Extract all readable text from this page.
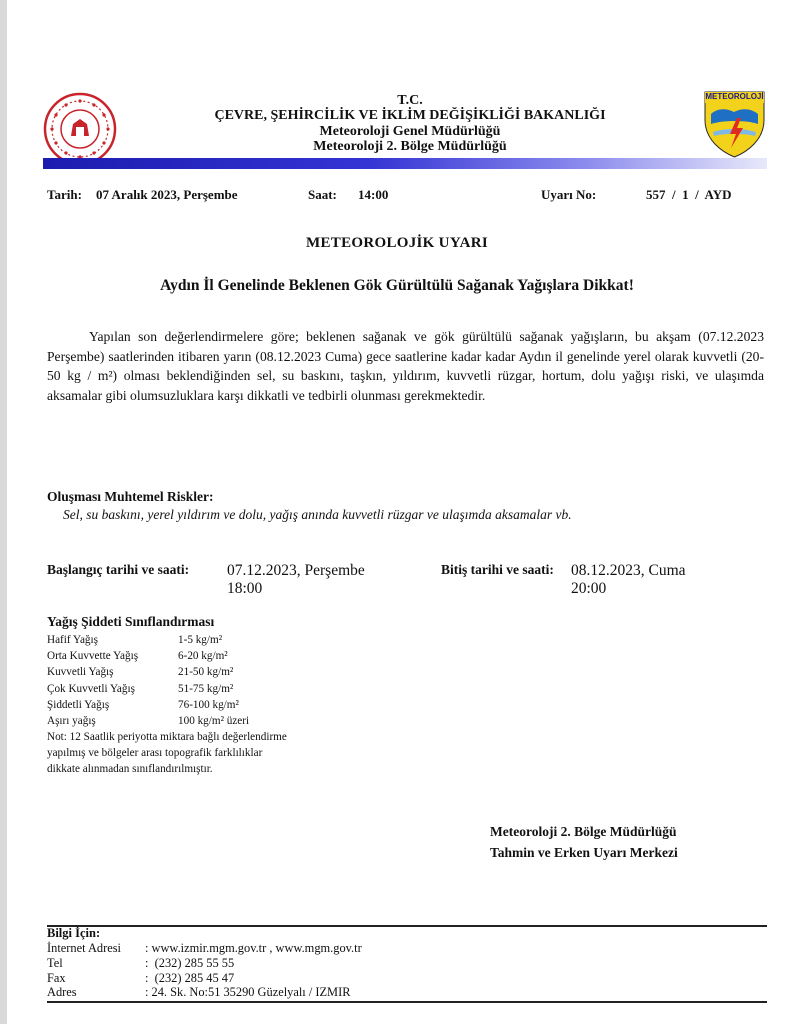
T.C.
ÇEVRE, ŞEHİRCİLİK VE İKLİM DEĞİŞİKLİĞİ BAKANLIĞI
Meteoroloji Genel Müdürlüğü
Meteoroloji 2. Bölge Müdürlüğü
METEOROLOJİ
Tarih: 07 Aralık 2023, Perşembe	Saat: 14:00	Uyarı No:	557  /  1  /  AYD
METEOROLOJİK UYARI
Aydın İl Genelinde Beklenen Gök Gürültülü Sağanak Yağışlara Dikkat!
Yapılan son değerlendirmelere göre; beklenen sağanak ve gök gürültülü sağanak yağışların, bu akşam (07.12.2023 Perşembe) saatlerinden itibaren yarın (08.12.2023 Cuma) gece saatlerine kadar kadar Aydın il genelinde yerel olarak kuvvetli (20-50 kg / m²) olması beklendiğinden sel, su baskını, taşkın, yıldırım, kuvvetli rüzgar, hortum, dolu yağışı riski, ve ulaşımda aksamalar gibi olumsuzluklara karşı dikkatli ve tedbirli olunması gerekmektedir.
Oluşması Muhtemel Riskler:
Sel, su baskını, yerel yıldırım ve dolu, yağış anında kuvvetli rüzgar ve ulaşımda aksamalar vb.
Başlangıç tarihi ve saati: 07.12.2023, Perşembe
18:00
Bitiş tarihi ve saati: 08.12.2023, Cuma
20:00
Yağış Şiddeti Sınıflandırması
Hafif Yağış	1-5 kg/m²
Orta Kuvvette Yağış	6-20 kg/m²
Kuvvetli Yağış	21-50 kg/m²
Çok Kuvvetli Yağış	51-75 kg/m²
Şiddetli Yağış	76-100 kg/m²
Aşırı yağış	100 kg/m² üzeri
Not: 12 Saatlik periyotta miktara bağlı değerlendirme
yapılmış ve bölgeler arası topografik farklılıklar
dikkate alınmadan sınıflandırılmıştır.
Meteoroloji 2. Bölge Müdürlüğü
Tahmin ve Erken Uyarı Merkezi
Bilgi İçin:
İnternet Adresi	: www.izmir.mgm.gov.tr , www.mgm.gov.tr
Tel	:  (232) 285 55 55
Fax	:  (232) 285 45 47
Adres	: 24. Sk. No:51 35290 Güzelyalı / IZMIR
